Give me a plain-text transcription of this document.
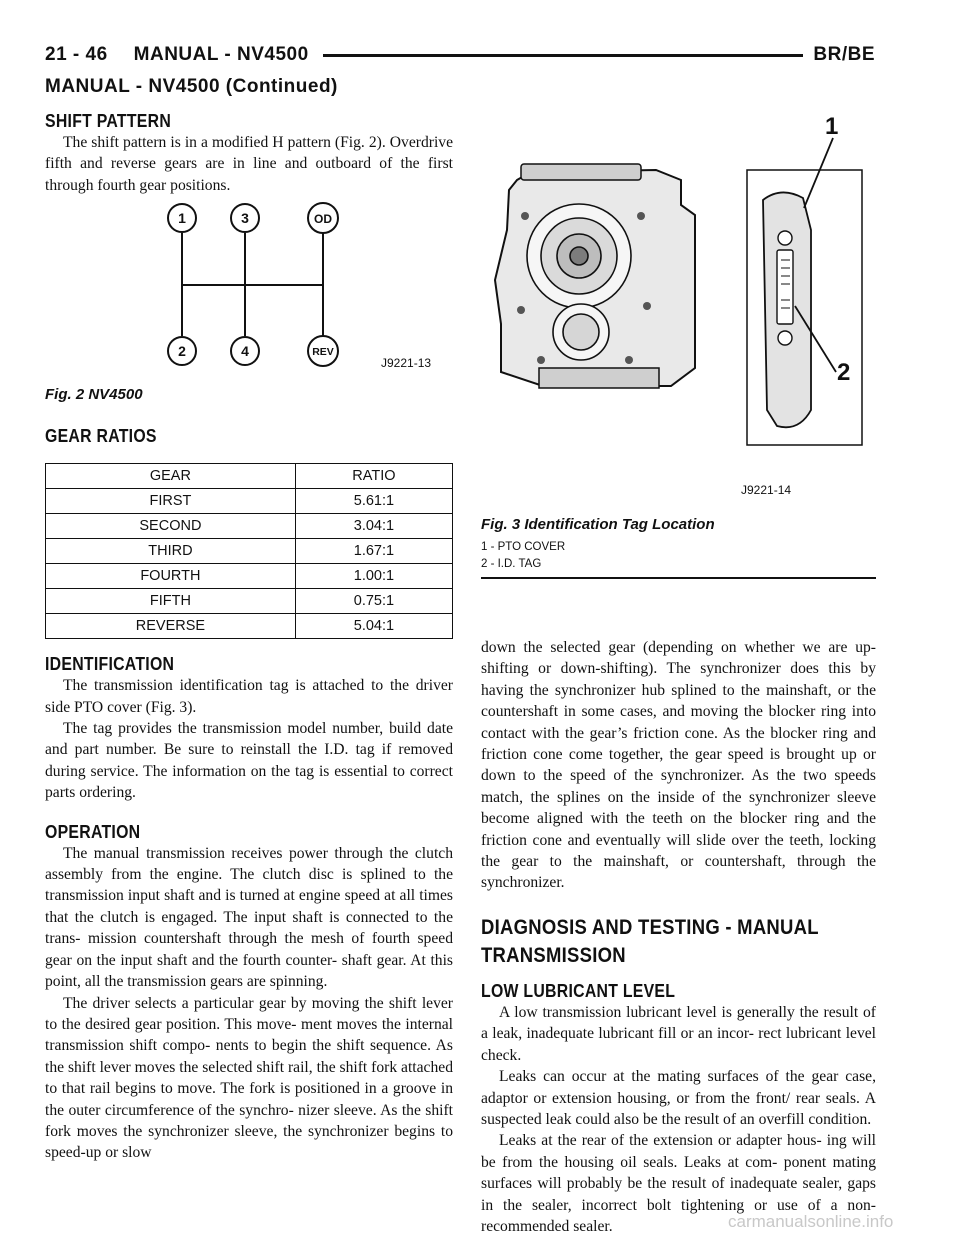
21 - 46 MANUAL - NV4500	BR/BE
MANUAL - NV4500 (Continued)
SHIFT PATTERN

The shift pattern is in a modified H pattern (Fig. 2). Overdrive fifth and reverse gears are in line and outboard of the first through fourth gear positions.

1	3	OD
2	4	REV
J9221-13
Fig. 2 NV4500
GEAR RATIOS
GEAR	RATIO
FIRST	5.61:1
SECOND	3.04:1
THIRD	1.67:1
FOURTH	1.00:1
FIFTH	0.75:1
REVERSE	5.04:1
IDENTIFICATION

The transmission identification tag is attached to the driver side PTO cover (Fig. 3).

The tag provides the transmission model number, build date and part number. Be sure to reinstall the I.D. tag if removed during service. The information on the tag is essential to correct parts ordering.

OPERATION

The manual transmission receives power through the clutch assembly from the engine. The clutch disc is splined to the transmission input shaft and is turned at engine speed at all times that the clutch is engaged. The input shaft is connected to the trans- mission countershaft through the mesh of fourth speed gear on the input shaft and the fourth counter- shaft gear. At this point, all the transmission gears are spinning.

The driver selects a particular gear by moving the shift lever to the desired gear position. This move- ment moves the internal transmission shift compo- nents to begin the shift sequence. As the shift lever moves the selected shift rail, the shift fork attached to that rail begins to move. The fork is positioned in a groove in the outer circumference of the synchro- nizer sleeve. As the shift fork moves the synchronizer sleeve, the synchronizer begins to speed-up or slow

1
2
J9221-14
Fig. 3 Identification Tag Location
1 - PTO COVER
2 - I.D. TAG

down the selected gear (depending on whether we are up-shifting or down-shifting). The synchronizer does this by having the synchronizer hub splined to the mainshaft, or the countershaft in some cases, and moving the blocker ring into contact with the gear’s friction cone. As the blocker ring and friction cone come together, the gear speed is brought up or down to the speed of the synchronizer. As the two speeds match, the splines on the inside of the synchronizer sleeve become aligned with the teeth on the blocker ring and the friction cone and eventually will slide over the teeth, locking the gear to the mainshaft, or countershaft, through the synchronizer.

DIAGNOSIS AND TESTING - MANUAL
TRANSMISSION
LOW LUBRICANT LEVEL

A low transmission lubricant level is generally the result of a leak, inadequate lubricant fill or an incor- rect lubricant level check.

Leaks can occur at the mating surfaces of the gear case, adaptor or extension housing, or from the front/ rear seals. A suspected leak could also be the result of an overfill condition.

Leaks at the rear of the extension or adapter hous- ing will be from the housing oil seals. Leaks at com- ponent mating surfaces will probably be the result of inadequate sealer, gaps in the sealer, incorrect bolt tightening or use of a non-recommended sealer.	carmanualsonline.info
